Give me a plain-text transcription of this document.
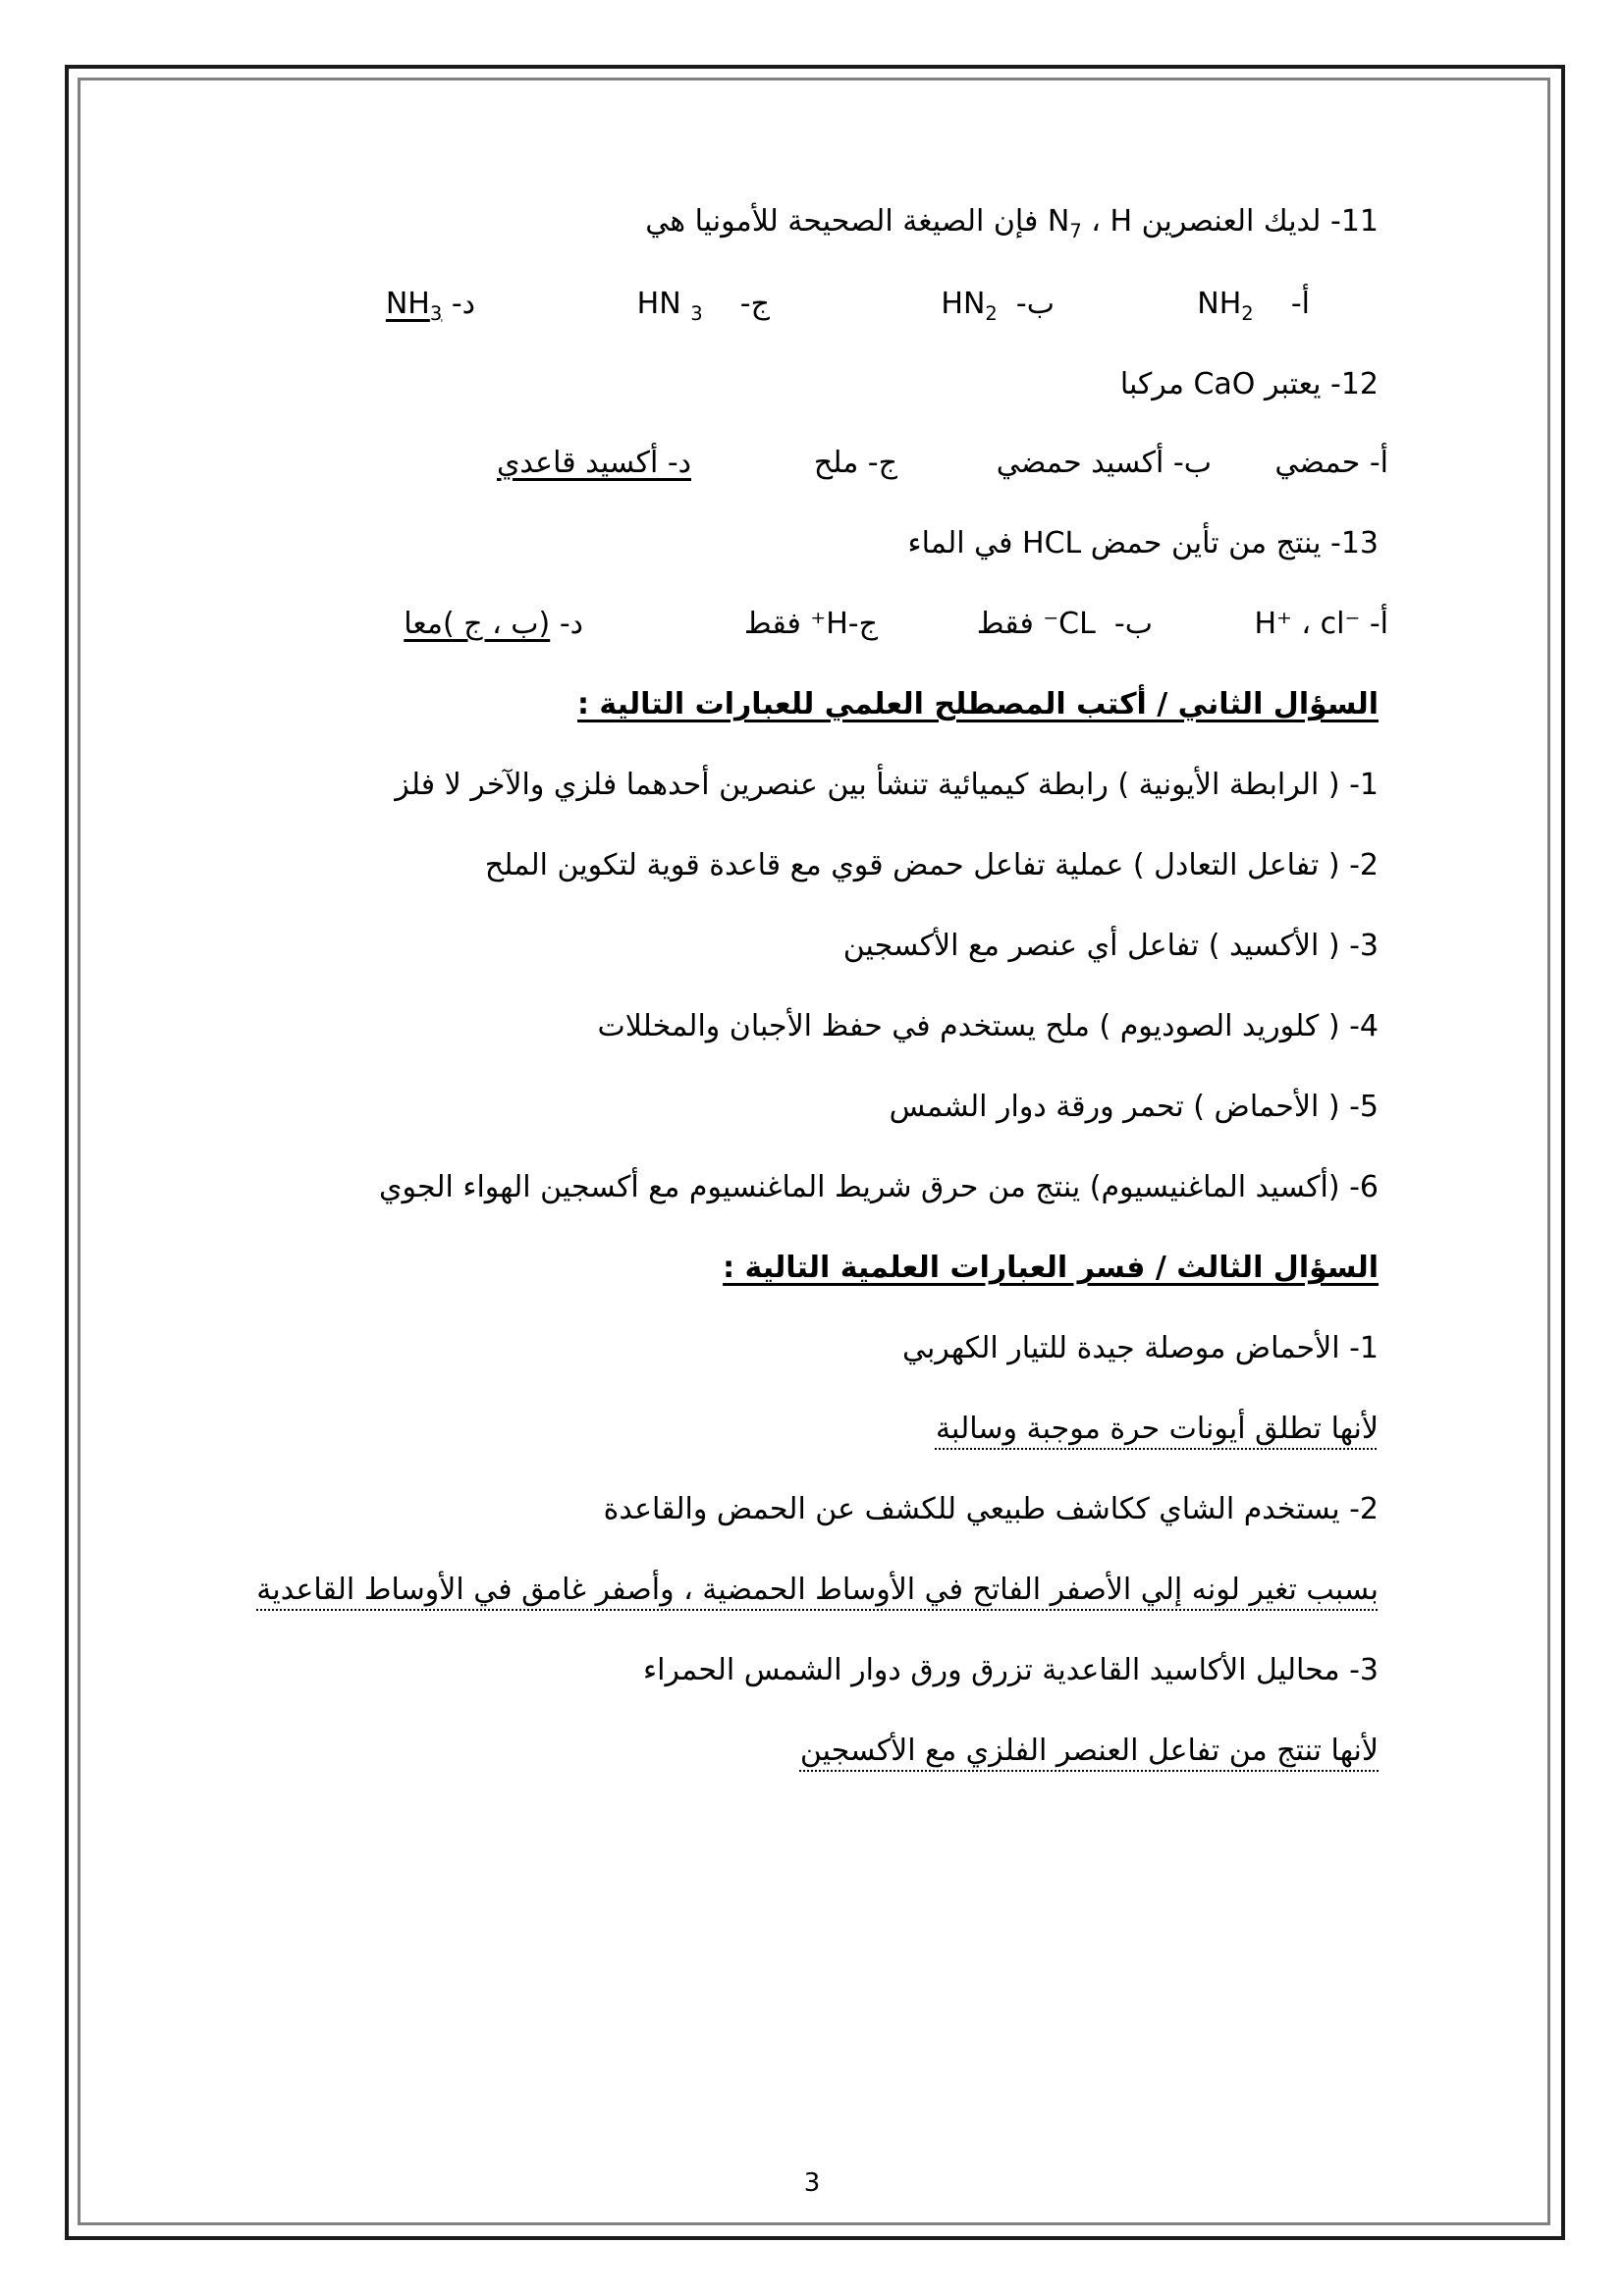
11- لديك العنصرين $N_7$ ، H فإن الصيغة الصحيحة للأمونيا هي
أ-    $NH_2$
ب-  $HN_2$
ج-    HN $_3$
د- $NH_3$
12- يعتبر CaO مركبا
أ- حمضي
ب- أكسيد حمضي
ج- ملح
د- أكسيد قاعدي
13- ينتج من تأين حمض HCL في الماء
أ- H⁺ ، cl⁻
ب-  CL⁻ فقط
ج-H⁺ فقط
د- (ب ، ج )معا
السؤال الثاني / أكتب المصطلح العلمي للعبارات التالية :
1- ( الرابطة الأيونية ) رابطة كيميائية تنشأ بين عنصرين أحدهما فلزي والآخر لا فلز
2- ( تفاعل التعادل ) عملية تفاعل حمض قوي مع قاعدة قوية لتكوين الملح
3- ( الأكسيد ) تفاعل أي عنصر مع الأكسجين
4- ( كلوريد الصوديوم ) ملح يستخدم في حفظ الأجبان والمخللات
5- ( الأحماض ) تحمر ورقة دوار الشمس
6- (أكسيد الماغنيسيوم) ينتج من حرق شريط الماغنسيوم مع أكسجين الهواء الجوي
السؤال الثالث / فسر العبارات العلمية التالية :
1- الأحماض موصلة جيدة للتيار الكهربي
لأنها تطلق أيونات حرة موجبة وسالبة
2- يستخدم الشاي ككاشف طبيعي للكشف عن الحمض والقاعدة
بسبب تغير لونه إلي الأصفر الفاتح في الأوساط الحمضية ، وأصفر غامق في الأوساط القاعدية
3- محاليل الأكاسيد القاعدية تزرق ورق دوار الشمس الحمراء
لأنها تنتج من تفاعل العنصر الفلزي مع الأكسجين
3
